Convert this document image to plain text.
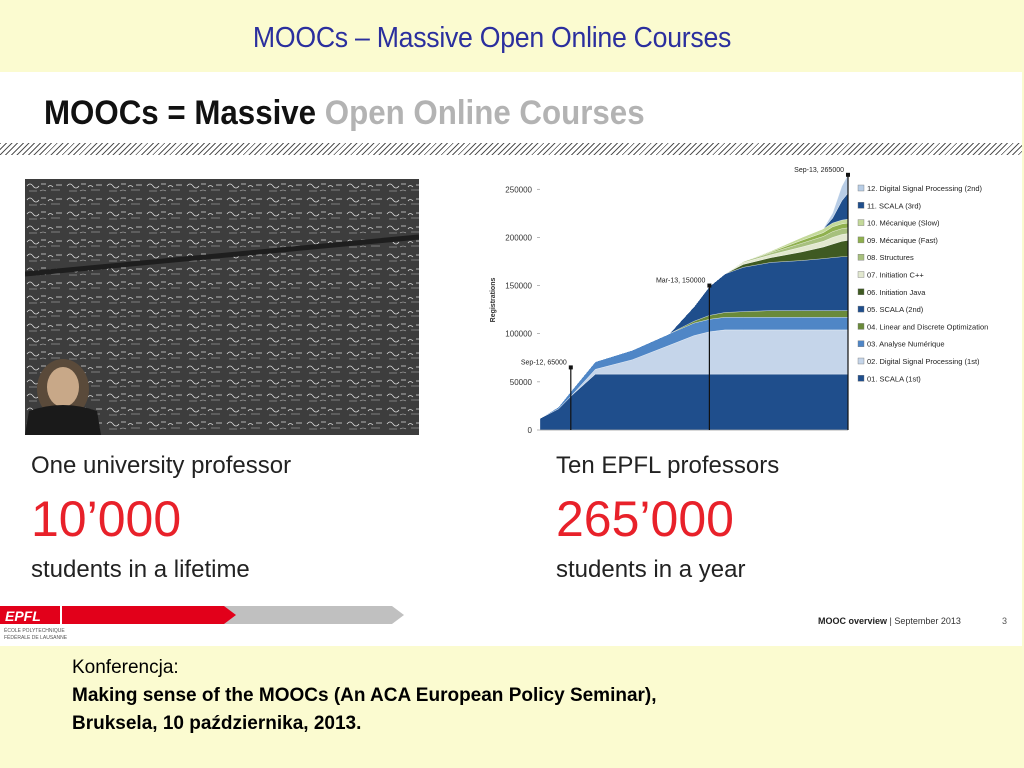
MOOCs – Massive Open Online Courses
MOOCs = Massive Open Online Courses
One university professor
10’000
students in a lifetime
Ten EPFL professors
265’000
students in a year
0
50000
100000
150000
200000
250000
Registrations
Sep-12, 65000
Mar-13, 150000
Sep-13, 265000
12. Digital Signal Processing (2nd)
11. SCALA (3rd)
10. Mécanique (Slow)
09. Mécanique (Fast)
08. Structures
07. Initiation C++
06. Initiation Java
05. SCALA (2nd)
04. Linear and Discrete Optimization
03. Analyse Numérique
02. Digital Signal Processing (1st)
01. SCALA (1st)
EPFL
ÉCOLE POLYTECHNIQUE
FÉDÉRALE DE LAUSANNE
MOOC overview | September 2013	3
Konferencja:
Making sense of the MOOCs (An ACA European Policy Seminar),
Bruksela, 10 października, 2013.
